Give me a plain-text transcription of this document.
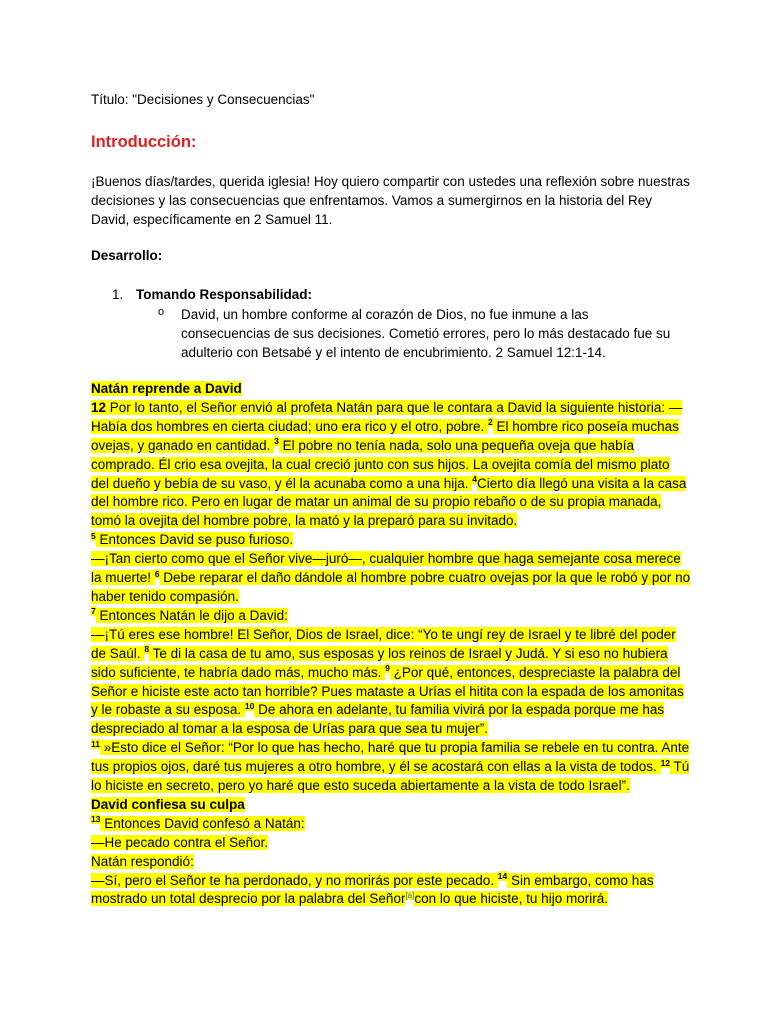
Título: "Decisiones y Consecuencias"
Introducción:
¡Buenos días/tardes, querida iglesia! Hoy quiero compartir con ustedes una reflexión sobre nuestras decisiones y las consecuencias que enfrentamos. Vamos a sumergirnos en la historia del Rey David, específicamente en 2 Samuel 11.
Desarrollo:
1. Tomando Responsabilidad:
o David, un hombre conforme al corazón de Dios, no fue inmune a las consecuencias de sus decisiones. Cometió errores, pero lo más destacado fue su adulterio con Betsabé y el intento de encubrimiento. 2 Samuel 12:1-14.
Natán reprende a David
12 Por lo tanto, el Señor envió al profeta Natán para que le contara a David la siguiente historia: —Había dos hombres en cierta ciudad; uno era rico y el otro, pobre. $^2$ El hombre rico poseía muchas ovejas, y ganado en cantidad. $^3$ El pobre no tenía nada, solo una pequeña oveja que había comprado. Él crio esa ovejita, la cual creció junto con sus hijos. La ovejita comía del mismo plato del dueño y bebía de su vaso, y él la acunaba como a una hija. $^4$Cierto día llegó una visita a la casa del hombre rico. Pero en lugar de matar un animal de su propio rebaño o de su propia manada, tomó la ovejita del hombre pobre, la mató y la preparó para su invitado.
$^5$ Entonces David se puso furioso.
—¡Tan cierto como que el Señor vive—juró—, cualquier hombre que haga semejante cosa merece la muerte! $^6$ Debe reparar el daño dándole al hombre pobre cuatro ovejas por la que le robó y por no haber tenido compasión.
$^7$ Entonces Natán le dijo a David:
—¡Tú eres ese hombre! El Señor, Dios de Israel, dice: “Yo te ungí rey de Israel y te libré del poder de Saúl. $^8$ Te di la casa de tu amo, sus esposas y los reinos de Israel y Judá. Y si eso no hubiera sido suficiente, te habría dado más, mucho más. $^9$ ¿Por qué, entonces, despreciaste la palabra del Señor e hiciste este acto tan horrible? Pues mataste a Urías el hitita con la espada de los amonitas y le robaste a su esposa. $^{10}$ De ahora en adelante, tu familia vivirá por la espada porque me has despreciado al tomar a la esposa de Urías para que sea tu mujer”.
$^{11}$ »Esto dice el Señor: “Por lo que has hecho, haré que tu propia familia se rebele en tu contra. Ante tus propios ojos, daré tus mujeres a otro hombre, y él se acostará con ellas a la vista de todos. $^{12}$ Tú lo hiciste en secreto, pero yo haré que esto suceda abiertamente a la vista de todo Israel”.
David confiesa su culpa
$^{13}$ Entonces David confesó a Natán:
—He pecado contra el Señor.
Natán respondió:
—Sí, pero el Señor te ha perdonado, y no morirás por este pecado. $^{14}$ Sin embargo, como has mostrado un total desprecio por la palabra del Señor[a]con lo que hiciste, tu hijo morirá.
